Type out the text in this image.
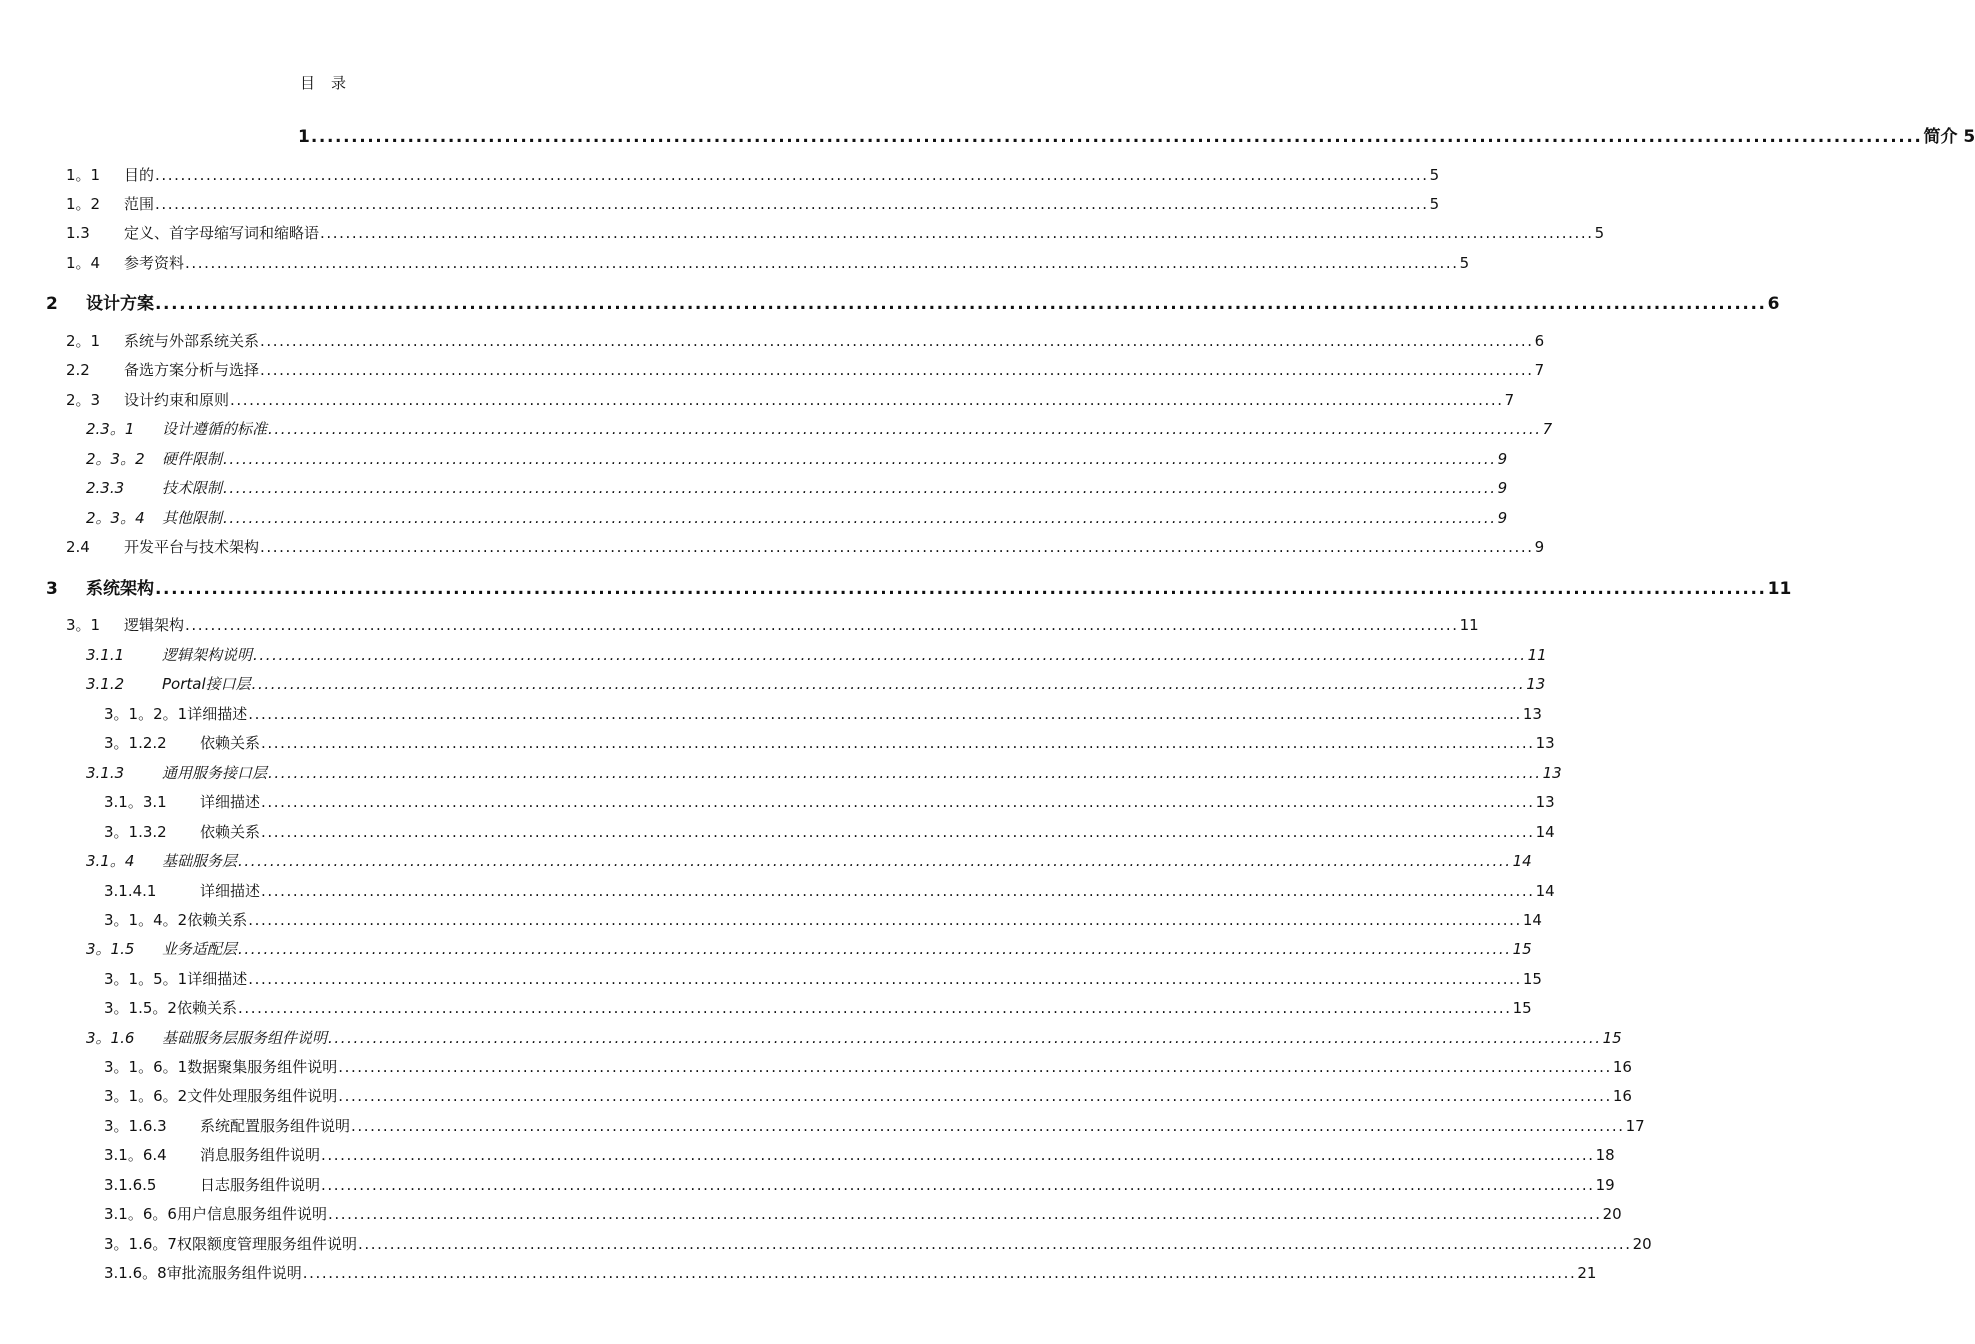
目 录
1 ........................................................................................................................................................................................................ 简介 5
1。1	目的 ........................................................................................................................................................................................................ 5
1。2	范围 ........................................................................................................................................................................................................ 5
1.3	定义、首字母缩写词和缩略语 ........................................................................................................................................................................................................ 5
1。4	参考资料 ........................................................................................................................................................................................................ 5
2	设计方案 ........................................................................................................................................................................................................ 6
2。1	系统与外部系统关系 ........................................................................................................................................................................................................ 6
2.2	备选方案分析与选择 ........................................................................................................................................................................................................ 7
2。3	设计约束和原则 ........................................................................................................................................................................................................ 7
2.3。1	设计遵循的标准 ........................................................................................................................................................................................................ 7
2。3。2	硬件限制 ........................................................................................................................................................................................................ 9
2.3.3	技术限制 ........................................................................................................................................................................................................ 9
2。3。4	其他限制 ........................................................................................................................................................................................................ 9
2.4	开发平台与技术架构 ........................................................................................................................................................................................................ 9
3	系统架构 ........................................................................................................................................................................................................ 11
3。1	逻辑架构 ........................................................................................................................................................................................................ 11
3.1.1	逻辑架构说明 ........................................................................................................................................................................................................ 11
3.1.2	Portal接口层 ........................................................................................................................................................................................................ 13
3。1。2。1 详细描述 ........................................................................................................................................................................................................ 13
3。1.2.2	依赖关系 ........................................................................................................................................................................................................ 13
3.1.3	通用服务接口层 ........................................................................................................................................................................................................ 13
3.1。3.1	详细描述 ........................................................................................................................................................................................................ 13
3。1.3.2	依赖关系 ........................................................................................................................................................................................................ 14
3.1。4	基础服务层 ........................................................................................................................................................................................................ 14
3.1.4.1	详细描述 ........................................................................................................................................................................................................ 14
3。1。4。2 依赖关系 ........................................................................................................................................................................................................ 14
3。1.5	业务适配层 ........................................................................................................................................................................................................ 15
3。1。5。1 详细描述 ........................................................................................................................................................................................................ 15
3。1.5。2 依赖关系 ........................................................................................................................................................................................................ 15
3。1.6	基础服务层服务组件说明 ........................................................................................................................................................................................................ 15
3。1。6。1 数据聚集服务组件说明 ........................................................................................................................................................................................................ 16
3。1。6。2 文件处理服务组件说明 ........................................................................................................................................................................................................ 16
3。1.6.3	系统配置服务组件说明 ........................................................................................................................................................................................................ 17
3.1。6.4	消息服务组件说明 ........................................................................................................................................................................................................ 18
3.1.6.5	日志服务组件说明 ........................................................................................................................................................................................................ 19
3.1。6。6 用户信息服务组件说明 ........................................................................................................................................................................................................ 20
3。1.6。7 权限额度管理服务组件说明 ........................................................................................................................................................................................................ 20
3.1.6。8 审批流服务组件说明 ........................................................................................................................................................................................................ 21
